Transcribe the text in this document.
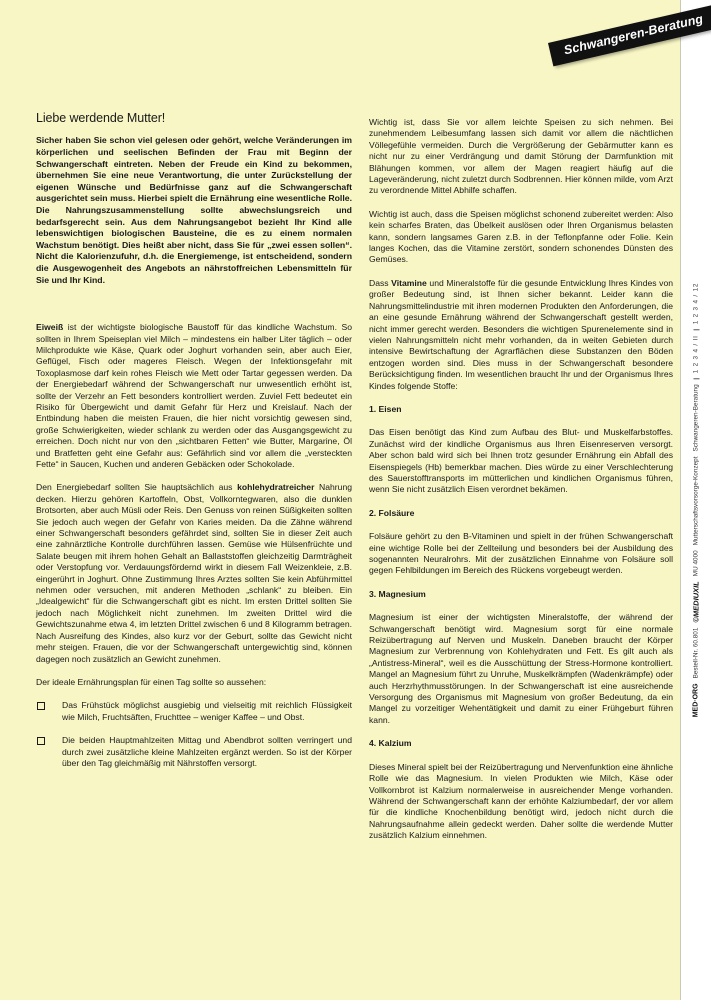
Schwangeren-Beratung
Liebe werdende Mutter!

Sicher haben Sie schon viel gelesen oder gehört, welche Veränderungen im körperlichen und seelischen Befinden der Frau mit Beginn der Schwangerschaft eintreten. Neben der Freude ein Kind zu bekommen, übernehmen Sie eine neue Verantwortung, die unter Zurückstellung der eigenen Wünsche und Bedürfnisse ganz auf die Schwangerschaft ausgerichtet sein muss. Hierbei spielt die Ernährung eine wesentliche Rolle. Die Nahrungszusammenstellung sollte abwechslungsreich und bedarfsgerecht sein. Aus dem Nahrungsangebot bezieht Ihr Kind alle lebenswichtigen biologischen Bausteine, die es zu einem normalen Wachstum benötigt. Dies heißt aber nicht, dass Sie für „zwei essen sollen“. Nicht die Kalorienzufuhr, d.h. die Energiemenge, ist entscheidend, sondern die Ausgewogenheit des Angebots an nährstoffreichen Lebensmitteln für Sie und Ihr Kind.

Eiweiß ist der wichtigste biologische Baustoff für das kindliche Wachstum. So sollten in Ihrem Speiseplan viel Milch – mindestens ein halber Liter täglich – oder Milchprodukte wie Käse, Quark oder Joghurt vorhanden sein, aber auch Eier, Geflügel, Fisch oder mageres Fleisch. Wegen der Infektionsgefahr mit Toxoplasmose darf kein rohes Fleisch wie Mett oder Tartar gegessen werden. Da der Energiebedarf während der Schwangerschaft nur unwesentlich erhöht ist, sollte der Verzehr an Fett besonders kontrolliert werden. Zuviel Fett bedeutet ein Risiko für Übergewicht und damit Gefahr für Herz und Kreislauf. Nach der Entbindung haben die meisten Frauen, die hier nicht vorsichtig gewesen sind, große Schwierigkeiten, wieder schlank zu werden oder das Ausgangsgewicht zu erreichen. Doch nicht nur von den „sichtbaren Fetten“ wie Butter, Margarine, Öl und Bratfetten geht eine Gefahr aus: Gefährlich sind vor allem die „versteckten Fette“ in Saucen, Kuchen und anderen Gebäcken oder Schokolade.

Den Energiebedarf sollten Sie hauptsächlich aus kohlehydratreicher Nahrung decken. Hierzu gehören Kartoffeln, Obst, Vollkorntegwaren, also die dunklen Brotsorten, aber auch Müsli oder Reis. Den Genuss von reinen Süßigkeiten sollten Sie jedoch auch wegen der Gefahr von Karies meiden. Da die Zähne während einer Schwangerschaft besonders gefährdet sind, sollten Sie in dieser Zeit auch eine zahnärztliche Kontrolle durchführen lassen. Gemüse wie Hülsenfrüchte und Salate beugen mit ihrem hohen Gehalt an Ballaststoffen gleichzeitig Darmträgheit oder Verstopfung vor. Verdauungsfördernd wirkt in diesem Fall Weizenkleie, z.B. eingerührt in Joghurt. Ohne Zustimmung Ihres Arztes sollten Sie kein Abführmittel nehmen oder versuchen, mit anderen Methoden „schlank“ zu bleiben. Ein „Idealgewicht“ für die Schwangerschaft gibt es nicht. Im ersten Drittel sollten Sie jedoch nach Möglichkeit nicht zunehmen. Im zweiten Drittel wird die Gewichtszunahme etwa 4, im letzten Drittel zwischen 6 und 8 Kilogramm betragen. Nach Ausreifung des Kindes, also kurz vor der Geburt, sollte das Gewicht nicht mehr steigen. Frauen, die vor der Schwangerschaft untergewichtig sind, können dagegen noch zusätzlich an Gewicht zunehmen.

Der ideale Ernährungsplan für einen Tag sollte so aussehen:

Das Frühstück möglichst ausgiebig und vielseitig mit reichlich Flüssigkeit wie Milch, Fruchtsäften, Fruchttee – weniger Kaffee – und Obst.
Die beiden Hauptmahlzeiten Mittag und Abendbrot sollten verringert und durch zwei zusätzliche kleine Mahlzeiten ergänzt werden. So ist der Körper über den Tag gleichmäßig mit Nährstoffen versorgt.

Wichtig ist, dass Sie vor allem leichte Speisen zu sich nehmen. Bei zunehmendem Leibesumfang lassen sich damit vor allem die nächtlichen Völlegefühle vermeiden. Durch die Vergrößerung der Gebärmutter kann es nicht nur zu einer Verdrängung und damit Störung der Darmfunktion mit Blähungen kommen, vor allem der Magen reagiert häufig auf die Lageveränderung, nicht zuletzt durch Sodbrennen. Hier können milde, vom Arzt zu verordnende Mittel Abhilfe schaffen.

Wichtig ist auch, dass die Speisen möglichst schonend zubereitet werden: Also kein scharfes Braten, das Übelkeit auslösen oder Ihren Organismus belasten kann, sondern langsames Garen z.B. in der Teflonpfanne oder Folie. Kein langes Kochen, das die Vitamine zerstört, sondern schonendes Dünsten des Gemüses.

Dass Vitamine und Mineralstoffe für die gesunde Entwicklung Ihres Kindes von großer Bedeutung sind, ist Ihnen sicher bekannt. Leider kann die Nahrungsmittelindustrie mit ihren modernen Produkten den Anforderungen, die an eine gesunde Ernährung während der Schwangerschaft gestellt werden, nicht immer gerecht werden. Besonders die wichtigen Spurenelemente sind in vielen Nahrungsmitteln nicht mehr vorhanden, da in weiten Gebieten durch intensive Bewirtschaftung der Agrarflächen diese Substanzen den Böden entzogen worden sind. Dies muss in der Schwangerschaft besondere Berücksichtigung finden. Im wesentlichen braucht Ihr und der Organismus Ihres Kindes folgende Stoffe:

1. Eisen

Das Eisen benötigt das Kind zum Aufbau des Blut- und Muskelfarbstoffes. Zunächst wird der kindliche Organismus aus Ihren Eisenreserven versorgt. Aber schon bald wird sich bei Ihnen trotz gesunder Ernährung ein Abfall des Eisenspiegels (Hb) bemerkbar machen. Dies würde zu einer Verschlechterung des Sauerstofftransports im mütterlichen und kindlichen Organismus führen, wenn Sie nicht zusätzlich Eisen verordnet bekämen.

2. Folsäure

Folsäure gehört zu den B-Vitaminen und spielt in der frühen Schwangerschaft eine wichtige Rolle bei der Zellteilung und besonders bei der Ausbildung des sogenannten Neuralrohrs. Mit der zusätzlichen Einnahme von Folsäure soll gegen Fehlbildungen im Bereich des Rückens vorgebeugt werden.

3. Magnesium

Magnesium ist einer der wichtigsten Mineralstoffe, der während der Schwangerschaft benötigt wird. Magnesium sorgt für eine normale Reizübertragung auf Nerven und Muskeln. Daneben braucht der Körper Magnesium zur Verbrennung von Kohlehydraten und Fett. Es gilt auch als „Antistress-Mineral“, weil es die Ausschüttung der Stress-Hormone kontrolliert. Mangel an Magnesium führt zu Unruhe, Muskelkrämpfen (Wadenkrämpfe) oder auch Herzrhythmusstörungen. In der Schwangerschaft ist eine ausreichende Versorgung des Organismus mit Magnesium von großer Bedeutung, da ein Mangel zu vorzeitiger Wehentätigkeit und damit zu einer Frühgeburt führen kann.

4. Kalzium

Dieses Mineral spielt bei der Reizübertragung und Nervenfunktion eine ähnliche Rolle wie das Magnesium. In vielen Produkten wie Milch, Käse oder Vollkornbrot ist Kalzium normalerweise in ausreichender Menge vorhanden. Während der Schwangerschaft kann der erhöhte Kalziumbedarf, der vor allem für die kindliche Knochenbildung benötigt wird, jedoch nicht durch die Nahrungsaufnahme allein gedeckt werden. Daher sollte die werdende Mutter zusätzlich Kalzium einnehmen.

MED·ORG
Bestell-Nr. 60.801
©MEDIUXIL
MU 4000
Mutterschaftsvorsorge-Konzept
Schwangeren-Beratung
1 2 3 4 / II
1 2 3 4 / 12
